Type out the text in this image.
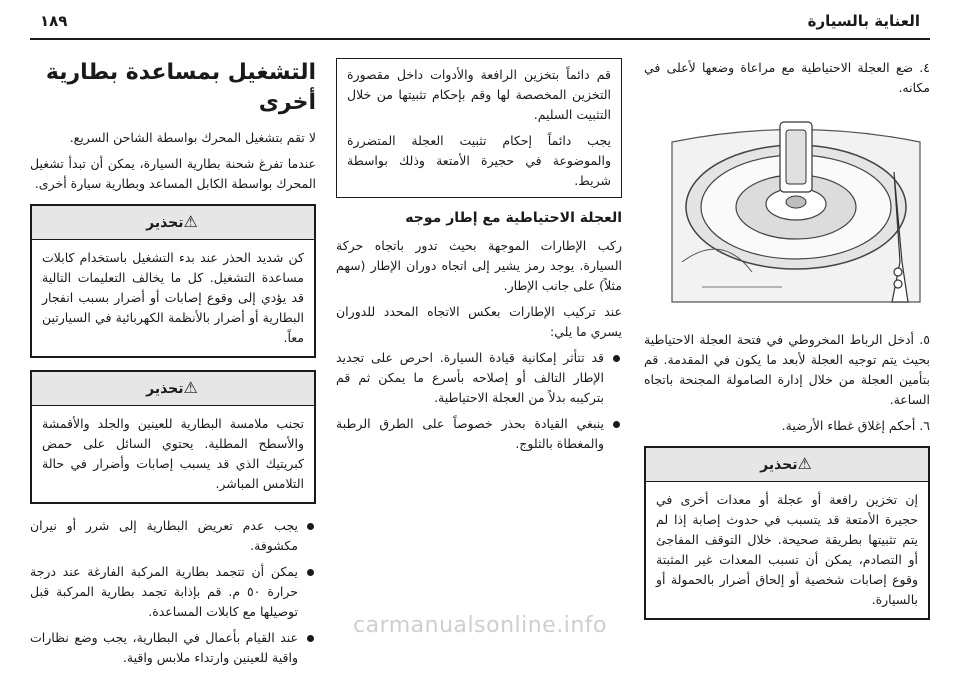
العناية بالسيارة
١٨٩

٤. ضع العجلة الاحتياطية مع مراعاة وضعها لأعلى في مكانه.

٥. أدخل الرباط المخروطي في فتحة العجلة الاحتياطية بحيث يتم توجيه العجلة لأبعد ما يكون في المقدمة. قم بتأمين العجلة من خلال إدارة الصامولة المجنحة باتجاه الساعة.

٦. أحكم إغلاق غطاء الأرضية.

⚠تحذير
إن تخزين رافعة أو عجلة أو معدات أخرى في حجيرة الأمتعة قد يتسبب في حدوث إصابة إذا لم يتم تثبيتها بطريقة صحيحة. خلال التوقف المفاجئ أو التصادم، يمكن أن تسبب المعدات غير المثبتة وقوع إصابات شخصية أو إلحاق أضرار بالحمولة أو بالسيارة.

قم دائماً بتخزين الرافعة والأدوات داخل مقصورة التخزين المخصصة لها وقم بإحكام تثبيتها من خلال التثبيت السليم.

يجب دائماً إحكام تثبيت العجلة المتضررة والموضوعة في حجيرة الأمتعة وذلك بواسطة شريط.

العجلة الاحتياطية مع إطار موجه

ركب الإطارات الموجهة بحيث تدور باتجاه حركة السيارة. يوجد رمز يشير إلى اتجاه دوران الإطار (سهم مثلاً) على جانب الإطار.

عند تركيب الإطارات بعكس الاتجاه المحدد للدوران يسري ما يلي:

قد تتأثر إمكانية قيادة السيارة. احرص على تجديد الإطار التالف أو إصلاحه بأسرع ما يمكن ثم قم بتركيبه بدلاً من العجلة الاحتياطية.
ينبغي القيادة بحذر خصوصاً على الطرق الرطبة والمغطاة بالثلوج.
التشغيل بمساعدة بطارية أخرى

لا تقم بتشغيل المحرك بواسطة الشاحن السريع.

عندما تفرغ شحنة بطارية السيارة، يمكن أن تبدأ تشغيل المحرك بواسطة الكابل المساعد وبطارية سيارة أخرى.

⚠تحذير
كن شديد الحذر عند بدء التشغيل باستخدام كابلات مساعدة التشغيل. كل ما يخالف التعليمات التالية قد يؤدي إلى وقوع إصابات أو أضرار بسبب انفجار البطارية أو أضرار بالأنظمة الكهربائية في السيارتين معاً.
⚠تحذير
تجنب ملامسة البطارية للعينين والجلد والأقمشة والأسطح المطلية. يحتوي السائل على حمض كبريتيك الذي قد يسبب إصابات وأضرار في حالة التلامس المباشر.
يجب عدم تعريض البطارية إلى شرر أو نيران مكشوفة.
يمكن أن تتجمد بطارية المركبة الفارغة عند درجة حرارة ٥٠ م. قم بإذابة تجمد بطارية المركبة قبل توصيلها مع كابلات المساعدة.
عند القيام بأعمال في البطارية، يجب وضع نظارات واقية للعينين وارتداء ملابس واقية.
carmanualsonline.info
